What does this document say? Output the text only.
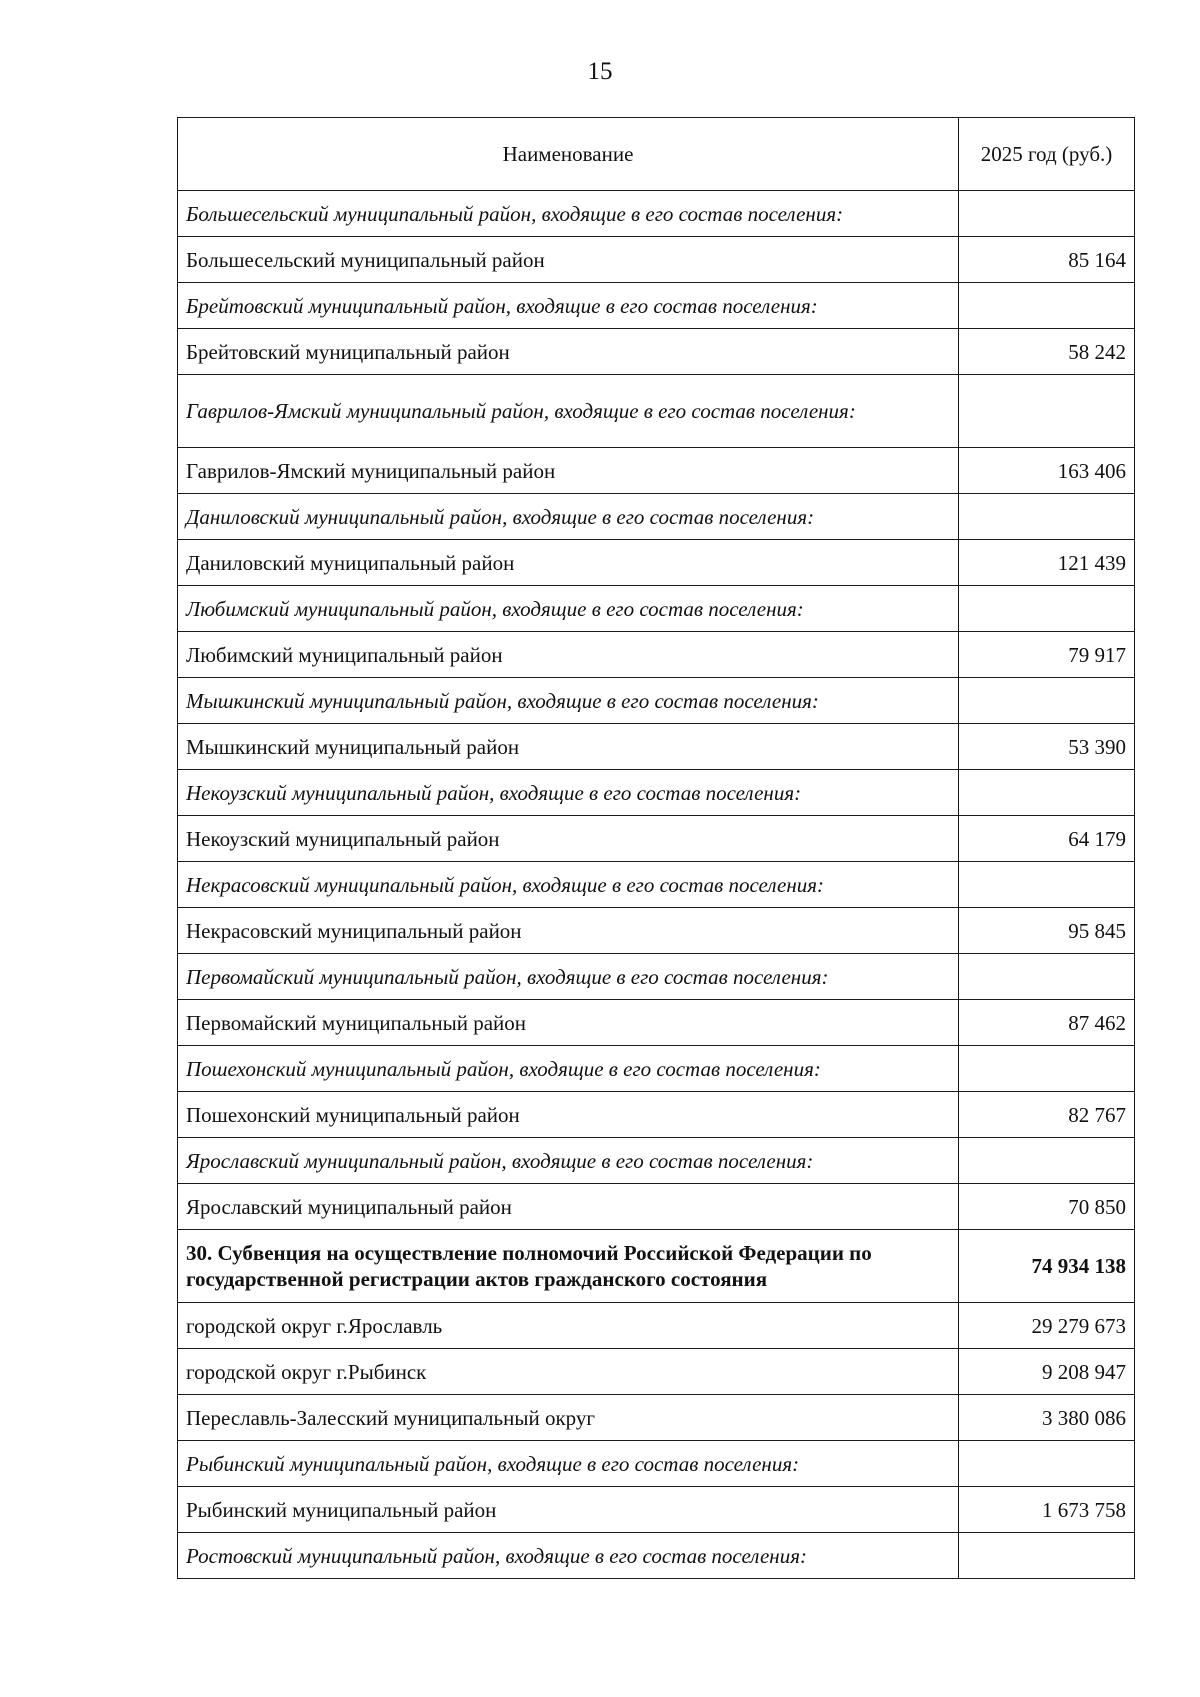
15
Наименование	2025 год (руб.)
Большесельский муниципальный район, входящие в его состав поселения:	
Большесельский муниципальный район	85 164
Брейтовский муниципальный район, входящие в его состав поселения:	
Брейтовский муниципальный район	58 242
Гаврилов-Ямский муниципальный район, входящие в его состав поселения:	
Гаврилов-Ямский муниципальный район	163 406
Даниловский муниципальный район, входящие в его состав поселения:	
Даниловский муниципальный район	121 439
Любимский муниципальный район, входящие в его состав поселения:	
Любимский муниципальный район	79 917
Мышкинский муниципальный район, входящие в его состав поселения:	
Мышкинский муниципальный район	53 390
Некоузский муниципальный район, входящие в его состав поселения:	
Некоузский муниципальный район	64 179
Некрасовский муниципальный район, входящие в его состав поселения:	
Некрасовский муниципальный район	95 845
Первомайский муниципальный район, входящие в его состав поселения:	
Первомайский муниципальный район	87 462
Пошехонский муниципальный район, входящие в его состав поселения:	
Пошехонский муниципальный район	82 767
Ярославский муниципальный район, входящие в его состав поселения:	
Ярославский муниципальный район	70 850
30. Субвенция на осуществление полномочий Российской Федерации по государственной регистрации актов гражданского состояния	74 934 138
городской округ г.Ярославль	29 279 673
городской округ г.Рыбинск	9 208 947
Переславль-Залесский муниципальный округ	3 380 086
Рыбинский муниципальный район, входящие в его состав поселения:	
Рыбинский муниципальный район	1 673 758
Ростовский муниципальный район, входящие в его состав поселения:	
